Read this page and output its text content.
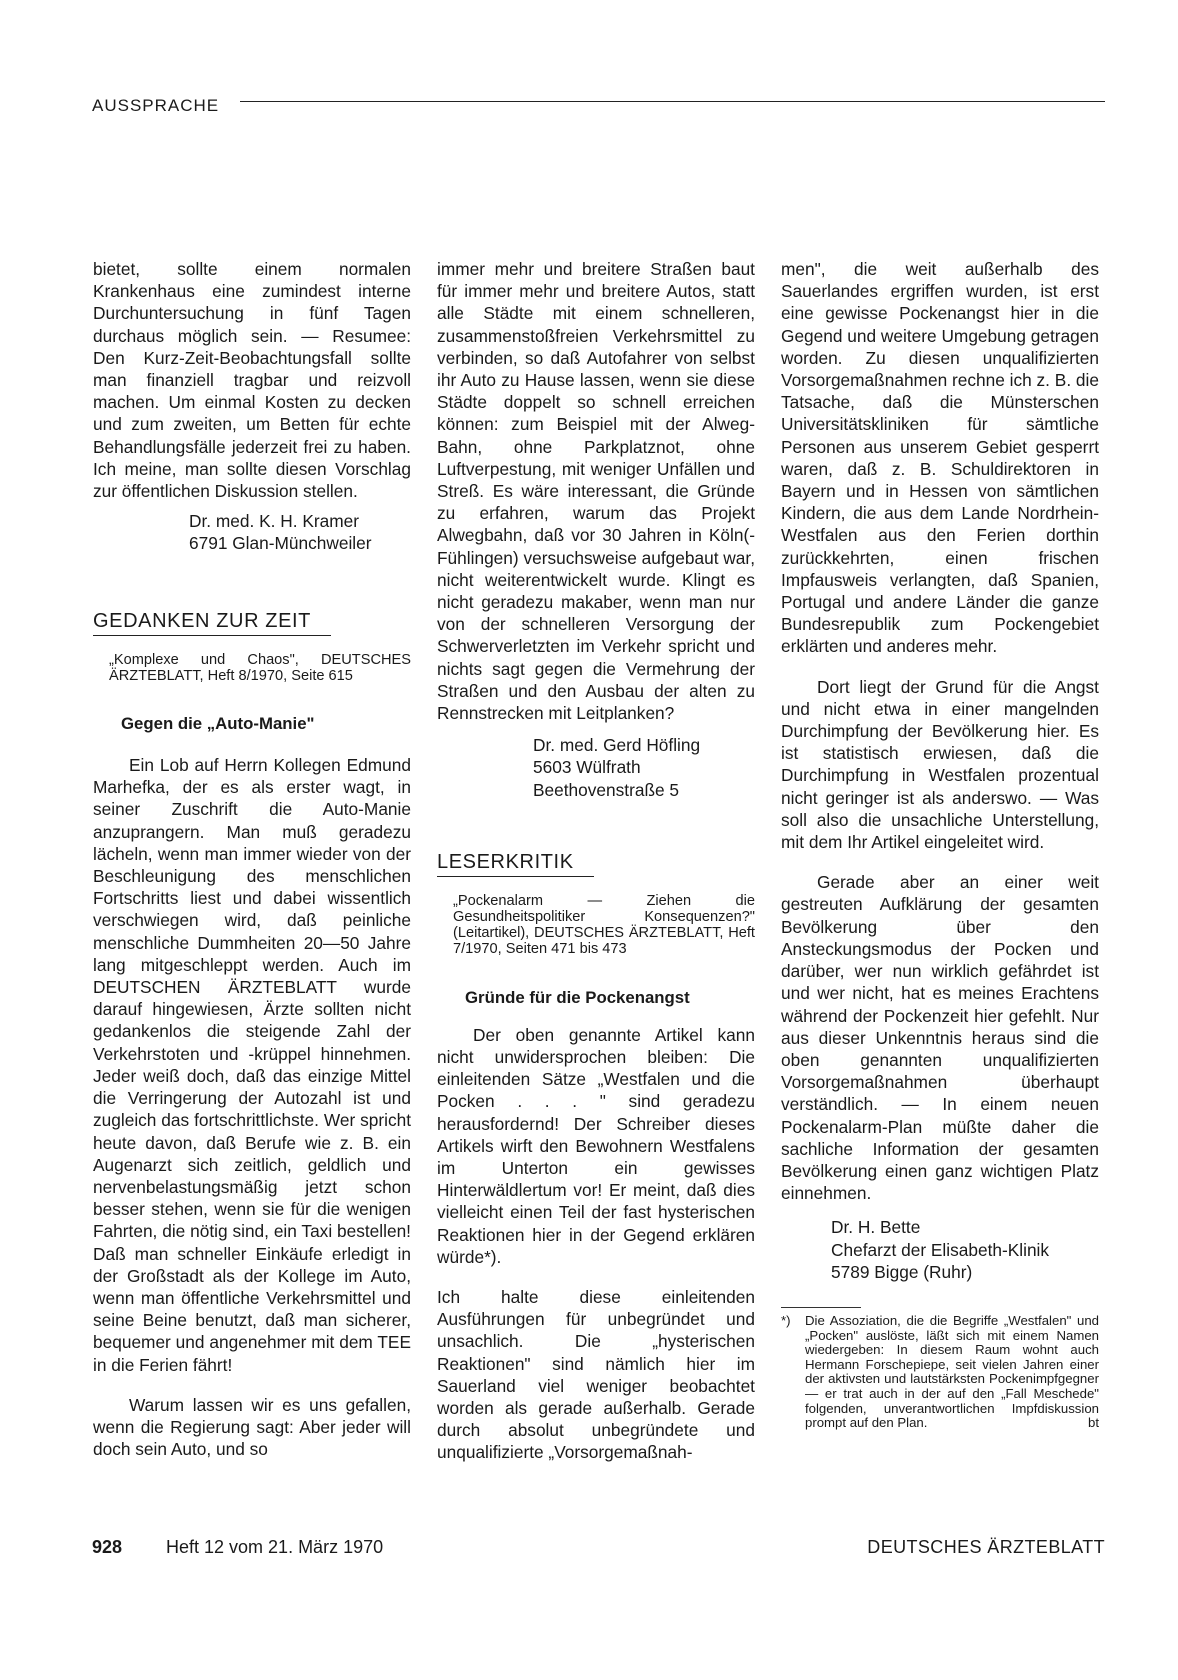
AUSSPRACHE

bietet, sollte einem normalen Krankenhaus eine zumindest interne Durchuntersuchung in fünf Tagen durchaus möglich sein. — Resumee: Den Kurz-Zeit-Beobachtungsfall sollte man finanziell tragbar und reizvoll machen. Um einmal Kosten zu decken und zum zweiten, um Betten für echte Behandlungsfälle jederzeit frei zu haben. Ich meine, man sollte diesen Vorschlag zur öffentlichen Diskussion stellen.

Dr. med. K. H. Kramer
6791 Glan-Münchweiler
GEDANKEN ZUR ZEIT

„Komplexe und Chaos", DEUTSCHES ÄRZTEBLATT, Heft 8/1970, Seite 615

Gegen die „Auto-Manie"

Ein Lob auf Herrn Kollegen Edmund Marhefka, der es als erster wagt, in seiner Zuschrift die Auto-Manie anzuprangern. Man muß geradezu lächeln, wenn man immer wieder von der Beschleunigung des menschlichen Fortschritts liest und dabei wissentlich verschwiegen wird, daß peinliche menschliche Dummheiten 20—50 Jahre lang mitgeschleppt werden. Auch im DEUTSCHEN ÄRZTEBLATT wurde darauf hingewiesen, Ärzte sollten nicht gedankenlos die steigende Zahl der Verkehrstoten und -krüppel hinnehmen. Jeder weiß doch, daß das einzige Mittel die Verringerung der Autozahl ist und zugleich das fortschrittlichste. Wer spricht heute davon, daß Berufe wie z. B. ein Augenarzt sich zeitlich, geldlich und nervenbelastungsmäßig jetzt schon besser stehen, wenn sie für die wenigen Fahrten, die nötig sind, ein Taxi bestellen! Daß man schneller Einkäufe erledigt in der Großstadt als der Kollege im Auto, wenn man öffentliche Verkehrsmittel und seine Beine benutzt, daß man sicherer, bequemer und angenehmer mit dem TEE in die Ferien fährt!

Warum lassen wir es uns gefallen, wenn die Regierung sagt: Aber jeder will doch sein Auto, und so

immer mehr und breitere Straßen baut für immer mehr und breitere Autos, statt alle Städte mit einem schnelleren, zusammenstoßfreien Verkehrsmittel zu verbinden, so daß Autofahrer von selbst ihr Auto zu Hause lassen, wenn sie diese Städte doppelt so schnell erreichen können: zum Beispiel mit der Alweg-Bahn, ohne Parkplatznot, ohne Luftverpestung, mit weniger Unfällen und Streß. Es wäre interessant, die Gründe zu erfahren, warum das Projekt Alwegbahn, daß vor 30 Jahren in Köln(-Fühlingen) versuchsweise aufgebaut war, nicht weiterentwickelt wurde. Klingt es nicht geradezu makaber, wenn man nur von der schnelleren Versorgung der Schwerverletzten im Verkehr spricht und nichts sagt gegen die Vermehrung der Straßen und den Ausbau der alten zu Rennstrecken mit Leitplanken?

Dr. med. Gerd Höfling
5603 Wülfrath
Beethovenstraße 5
LESERKRITIK

„Pockenalarm — Ziehen die Gesundheitspolitiker Konsequenzen?" (Leitartikel), DEUTSCHES ÄRZTEBLATT, Heft 7/1970, Seiten 471 bis 473

Gründe für die Pockenangst

Der oben genannte Artikel kann nicht unwidersprochen bleiben: Die einleitenden Sätze „Westfalen und die Pocken . . . " sind geradezu herausfordernd! Der Schreiber dieses Artikels wirft den Bewohnern Westfalens im Unterton ein gewisses Hinterwäldlertum vor! Er meint, daß dies vielleicht einen Teil der fast hysterischen Reaktionen hier in der Gegend erklären würde*).

Ich halte diese einleitenden Ausführungen für unbegründet und unsachlich. Die „hysterischen Reaktionen" sind nämlich hier im Sauerland viel weniger beobachtet worden als gerade außerhalb. Gerade durch absolut unbegründete und unqualifizierte „Vorsorgemaßnah-

men", die weit außerhalb des Sauerlandes ergriffen wurden, ist erst eine gewisse Pockenangst hier in die Gegend und weitere Umgebung getragen worden. Zu diesen unqualifizierten Vorsorgemaßnahmen rechne ich z. B. die Tatsache, daß die Münsterschen Universitätskliniken für sämtliche Personen aus unserem Gebiet gesperrt waren, daß z. B. Schuldirektoren in Bayern und in Hessen von sämtlichen Kindern, die aus dem Lande Nordrhein-Westfalen aus den Ferien dorthin zurückkehrten, einen frischen Impfausweis verlangten, daß Spanien, Portugal und andere Länder die ganze Bundesrepublik zum Pockengebiet erklärten und anderes mehr.

Dort liegt der Grund für die Angst und nicht etwa in einer mangelnden Durchimpfung der Bevölkerung hier. Es ist statistisch erwiesen, daß die Durchimpfung in Westfalen prozentual nicht geringer ist als anderswo. — Was soll also die unsachliche Unterstellung, mit dem Ihr Artikel eingeleitet wird.

Gerade aber an einer weit gestreuten Aufklärung der gesamten Bevölkerung über den Ansteckungsmodus der Pocken und darüber, wer nun wirklich gefährdet ist und wer nicht, hat es meines Erachtens während der Pockenzeit hier gefehlt. Nur aus dieser Unkenntnis heraus sind die oben genannten unqualifizierten Vorsorgemaßnahmen überhaupt verständlich. — In einem neuen Pockenalarm-Plan müßte daher die sachliche Information der gesamten Bevölkerung einen ganz wichtigen Platz einnehmen.

Dr. H. Bette
Chefarzt der Elisabeth-Klinik
5789 Bigge (Ruhr)
*)	Die Assoziation, die die Begriffe „Westfalen" und „Pocken" auslöste, läßt sich mit einem Namen wiedergeben: In diesem Raum wohnt auch Hermann Forschepiepe, seit vielen Jahren einer der aktivsten und lautstärksten Pockenimpfgegner — er trat auch in der auf den „Fall Meschede" folgenden, unverantwortlichen Impfdiskussion prompt auf den Plan.	bt
928 Heft 12 vom 21. März 1970	DEUTSCHES ÄRZTEBLATT
